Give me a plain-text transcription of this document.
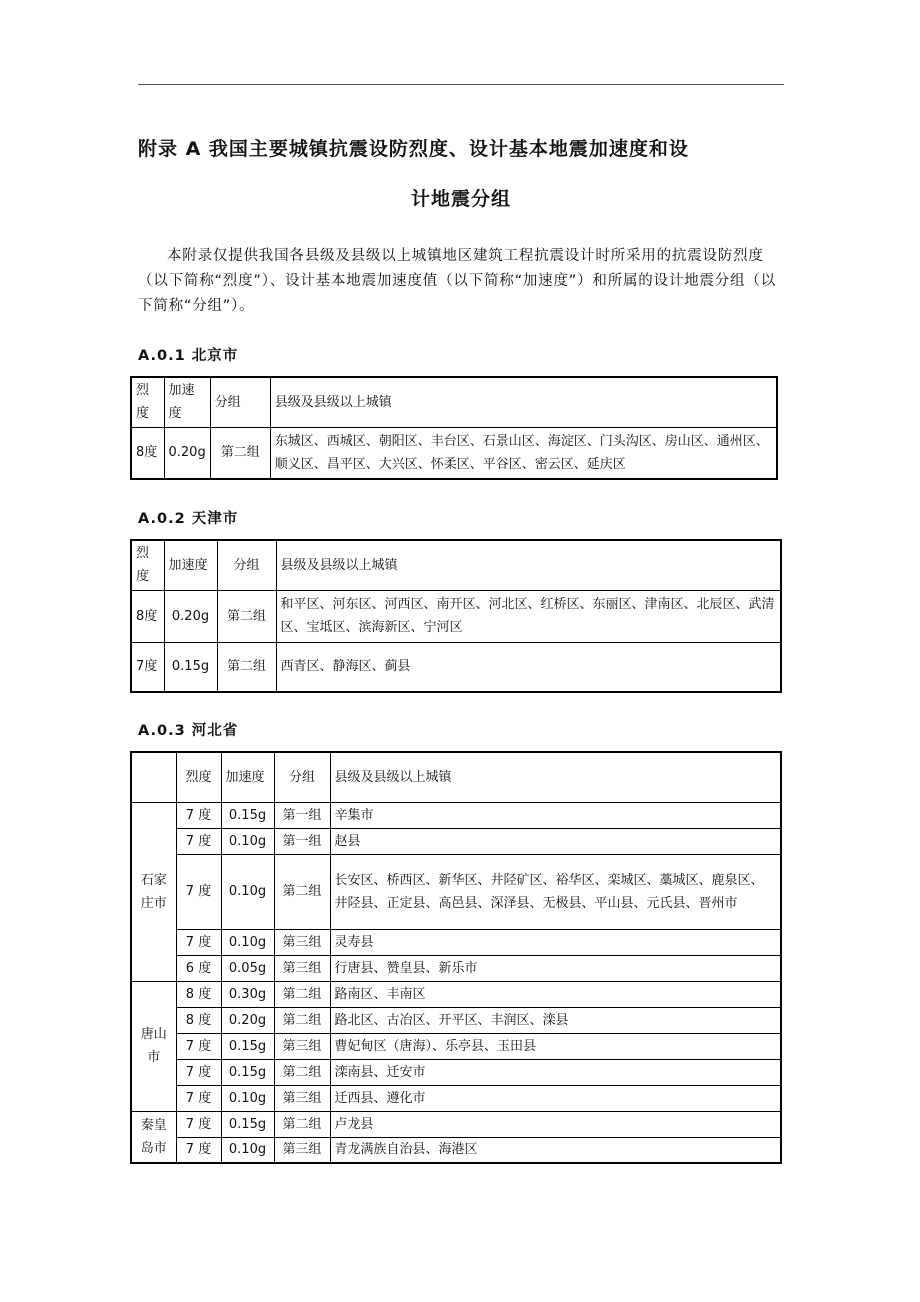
附录 A 我国主要城镇抗震设防烈度、设计基本地震加速度和设
计地震分组

本附录仅提供我国各县级及县级以上城镇地区建筑工程抗震设计时所采用的抗震设防烈度（以下简称“烈度”）、设计基本地震加速度值（以下简称“加速度”）和所属的设计地震分组（以下简称“分组”）。

A.0.1 北京市
烈度	加速度	分组	县级及县级以上城镇
8度	0.20g	第二组	东城区、西城区、朝阳区、丰台区、石景山区、海淀区、门头沟区、房山区、通州区、顺义区、昌平区、大兴区、怀柔区、平谷区、密云区、延庆区
A.0.2 天津市
烈度	加速度	分组	县级及县级以上城镇
8度	0.20g	第二组	和平区、河东区、河西区、南开区、河北区、红桥区、东丽区、津南区、北辰区、武清区、宝坻区、滨海新区、宁河区
7度	0.15g	第二组	西青区、静海区、蓟县
A.0.3 河北省
	烈度	加速度	分组	县级及县级以上城镇
石家庄市	7 度	0.15g	第一组	辛集市
	7 度	0.10g	第一组	赵县
	7 度	0.10g	第二组	长安区、桥西区、新华区、井陉矿区、裕华区、栾城区、藁城区、鹿泉区、井陉县、正定县、高邑县、深泽县、无极县、平山县、元氏县、晋州市
	7 度	0.10g	第三组	灵寿县
	6 度	0.05g	第三组	行唐县、赞皇县、新乐市
唐山市	8 度	0.30g	第二组	路南区、丰南区
	8 度	0.20g	第二组	路北区、古冶区、开平区、丰润区、滦县
	7 度	0.15g	第三组	曹妃甸区（唐海）、乐亭县、玉田县
	7 度	0.15g	第二组	滦南县、迁安市
	7 度	0.10g	第三组	迁西县、遵化市
秦皇岛市	7 度	0.15g	第二组	卢龙县
	7 度	0.10g	第三组	青龙满族自治县、海港区
